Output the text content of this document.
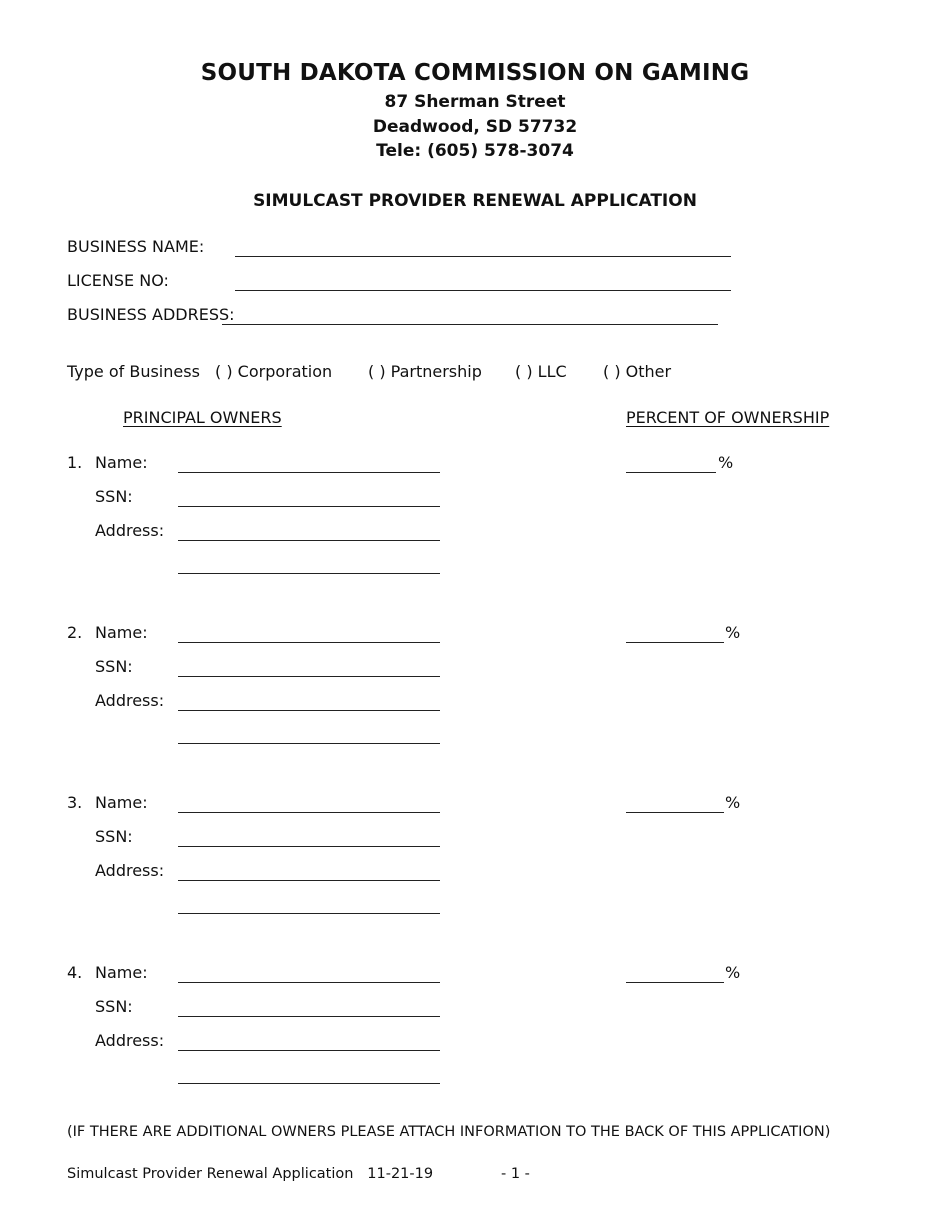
SOUTH DAKOTA COMMISSION ON GAMING
87 Sherman Street
Deadwood, SD 57732
Tele: (605) 578-3074
SIMULCAST PROVIDER RENEWAL APPLICATION
BUSINESS NAME:
LICENSE NO:
BUSINESS ADDRESS:
Type of Business ( ) Corporation ( ) Partnership ( ) LLC ( ) Other
PRINCIPAL OWNERS	PERCENT OF OWNERSHIP
1. Name:	%
SSN:
Address:
2. Name:	%
SSN:
Address:
3. Name:	%
SSN:
Address:
4. Name:	%
SSN:
Address:
(IF THERE ARE ADDITIONAL OWNERS PLEASE ATTACH INFORMATION TO THE BACK OF THIS APPLICATION)
Simulcast Provider Renewal Application   11-21-19	- 1 -
